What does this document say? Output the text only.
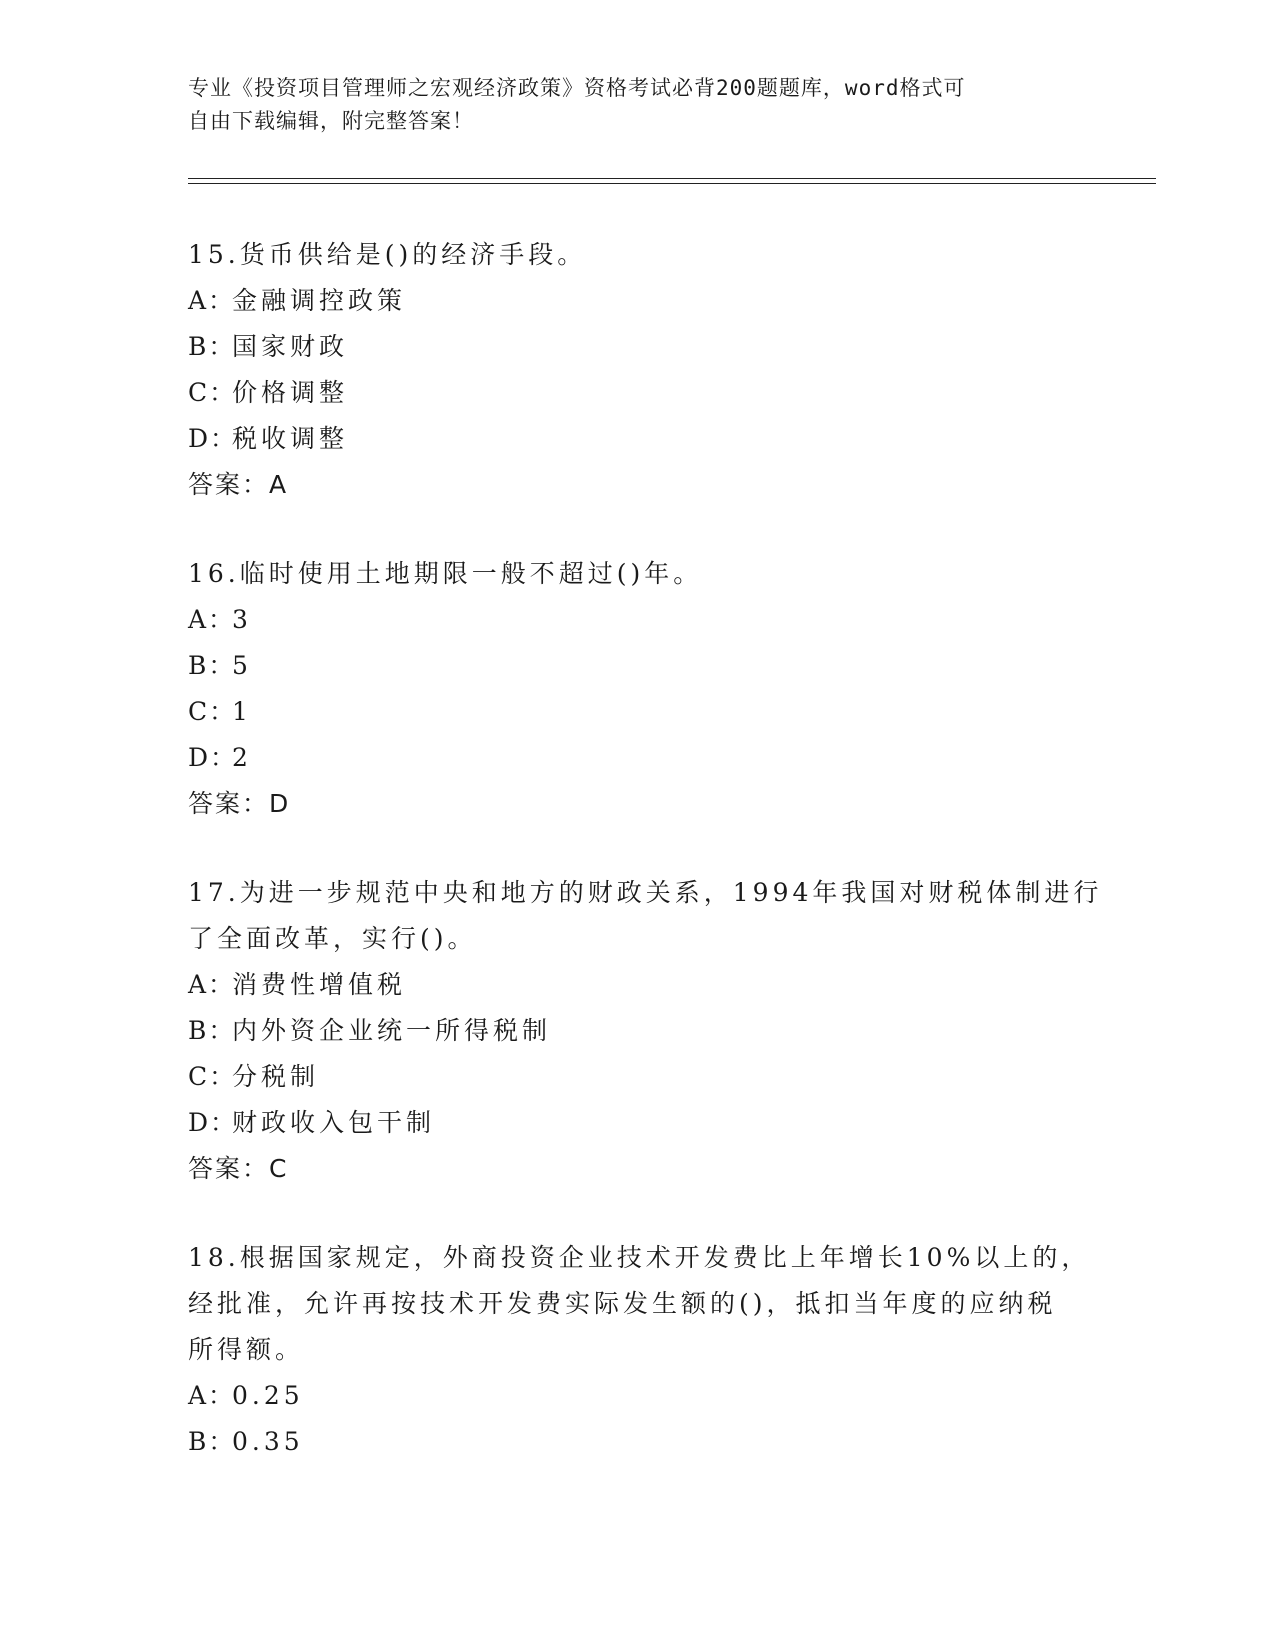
专业《投资项目管理师之宏观经济政策》资格考试必背200题题库，word格式可
自由下载编辑，附完整答案！
15.货币供给是()的经济手段。
A：金融调控政策
B：国家财政
C：价格调整
D：税收调整
答案：A
16.临时使用土地期限一般不超过()年。
A：3
B：5
C：1
D：2
答案：D
17.为进一步规范中央和地方的财政关系，1994年我国对财税体制进行
了全面改革，实行()。
A：消费性增值税
B：内外资企业统一所得税制
C：分税制
D：财政收入包干制
答案：C
18.根据国家规定，外商投资企业技术开发费比上年增长10%以上的，
经批准，允许再按技术开发费实际发生额的()，抵扣当年度的应纳税
所得额。
A：0.25
B：0.35
